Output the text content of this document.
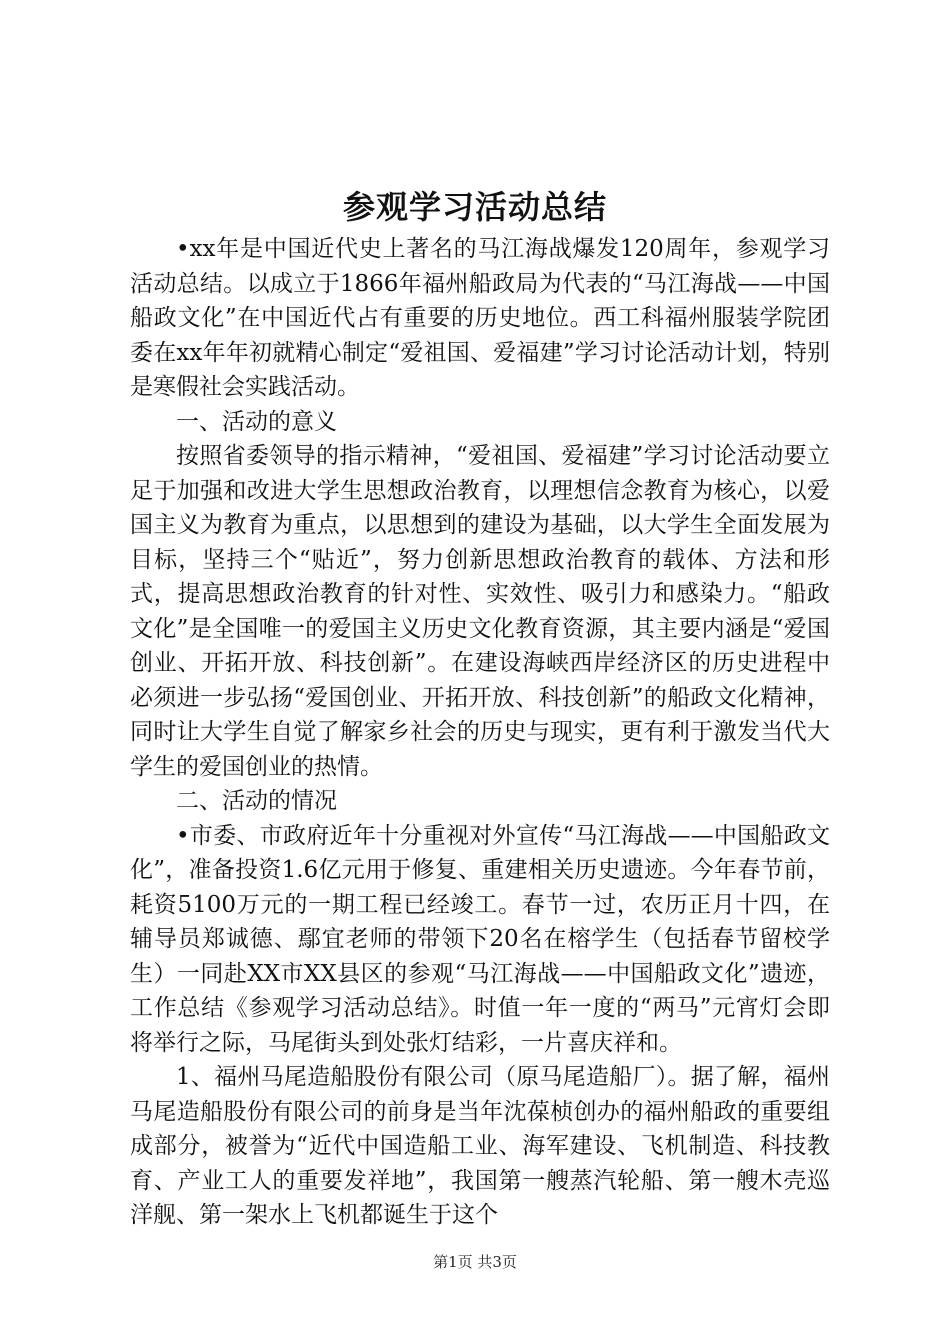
参观学习活动总结

•xx年是中国近代史上著名的马江海战爆发120周年，参观学习活动总结。以成立于1866年福州船政局为代表的“马江海战——中国船政文化”在中国近代占有重要的历史地位。西工科福州服装学院团委在xx年年初就精心制定“爱祖国、爱福建”学习讨论活动计划，特别是寒假社会实践活动。

一、活动的意义

按照省委领导的指示精神，“爱祖国、爱福建”学习讨论活动要立足于加强和改进大学生思想政治教育，以理想信念教育为核心，以爱国主义为教育为重点，以思想到的建设为基础，以大学生全面发展为目标，坚持三个“贴近”，努力创新思想政治教育的载体、方法和形式，提高思想政治教育的针对性、实效性、吸引力和感染力。“船政文化”是全国唯一的爱国主义历史文化教育资源，其主要内涵是“爱国创业、开拓开放、科技创新”。在建设海峡西岸经济区的历史进程中必须进一步弘扬“爱国创业、开拓开放、科技创新”的船政文化精神，同时让大学生自觉了解家乡社会的历史与现实，更有利于激发当代大学生的爱国创业的热情。

二、活动的情况

•市委、市政府近年十分重视对外宣传“马江海战——中国船政文化”，准备投资1.6亿元用于修复、重建相关历史遗迹。今年春节前，耗资5100万元的一期工程已经竣工。春节一过，农历正月十四，在辅导员郑诚德、鄢宜老师的带领下20名在榕学生（包括春节留校学生）一同赴XX市XX县区的参观“马江海战——中国船政文化”遗迹，工作总结《参观学习活动总结》。时值一年一度的“两马”元宵灯会即将举行之际，马尾街头到处张灯结彩，一片喜庆祥和。

1、福州马尾造船股份有限公司（原马尾造船厂）。据了解，福州马尾造船股份有限公司的前身是当年沈葆桢创办的福州船政的重要组成部分，被誉为“近代中国造船工业、海军建设、飞机制造、科技教育、产业工人的重要发祥地”，我国第一艘蒸汽轮船、第一艘木壳巡洋舰、第一架水上飞机都诞生于这个

第1页 共3页
